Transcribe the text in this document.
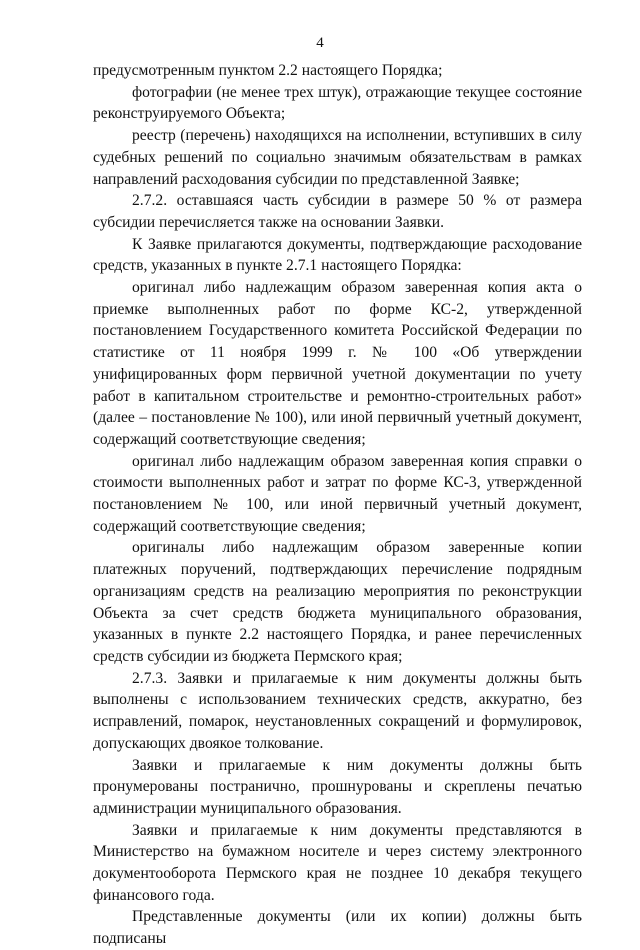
4

предусмотренным пунктом 2.2 настоящего Порядка;

фотографии (не менее трех штук), отражающие текущее состояние реконструируемого Объекта;

реестр (перечень) находящихся на исполнении, вступивших в силу судебных решений по социально значимым обязательствам в рамках направлений расходования субсидии по представленной Заявке;

2.7.2. оставшаяся часть субсидии в размере 50 % от размера субсидии перечисляется также на основании Заявки.

К Заявке прилагаются документы, подтверждающие расходование средств, указанных в пункте 2.7.1 настоящего Порядка:

оригинал либо надлежащим образом заверенная копия акта о приемке выполненных работ по форме КС-2, утвержденной постановлением Государственного комитета Российской Федерации по статистике от 11 ноября 1999 г. № 100 «Об утверждении унифицированных форм первичной учетной документации по учету работ в капитальном строительстве и ремонтно-строительных работ» (далее – постановление № 100), или иной первичный учетный документ, содержащий соответствующие сведения;

оригинал либо надлежащим образом заверенная копия справки о стоимости выполненных работ и затрат по форме КС-3, утвержденной постановлением № 100, или иной первичный учетный документ, содержащий соответствующие сведения;

оригиналы либо надлежащим образом заверенные копии платежных поручений, подтверждающих перечисление подрядным организациям средств на реализацию мероприятия по реконструкции Объекта за счет средств бюджета муниципального образования, указанных в пункте 2.2 настоящего Порядка, и ранее перечисленных средств субсидии из бюджета Пермского края;

2.7.3. Заявки и прилагаемые к ним документы должны быть выполнены с использованием технических средств, аккуратно, без исправлений, помарок, неустановленных сокращений и формулировок, допускающих двоякое толкование.

Заявки и прилагаемые к ним документы должны быть пронумерованы постранично, прошнурованы и скреплены печатью администрации муниципального образования.

Заявки и прилагаемые к ним документы представляются в Министерство на бумажном носителе и через систему электронного документооборота Пермского края не позднее 10 декабря текущего финансового года.

Представленные документы (или их копии) должны быть подписаны
